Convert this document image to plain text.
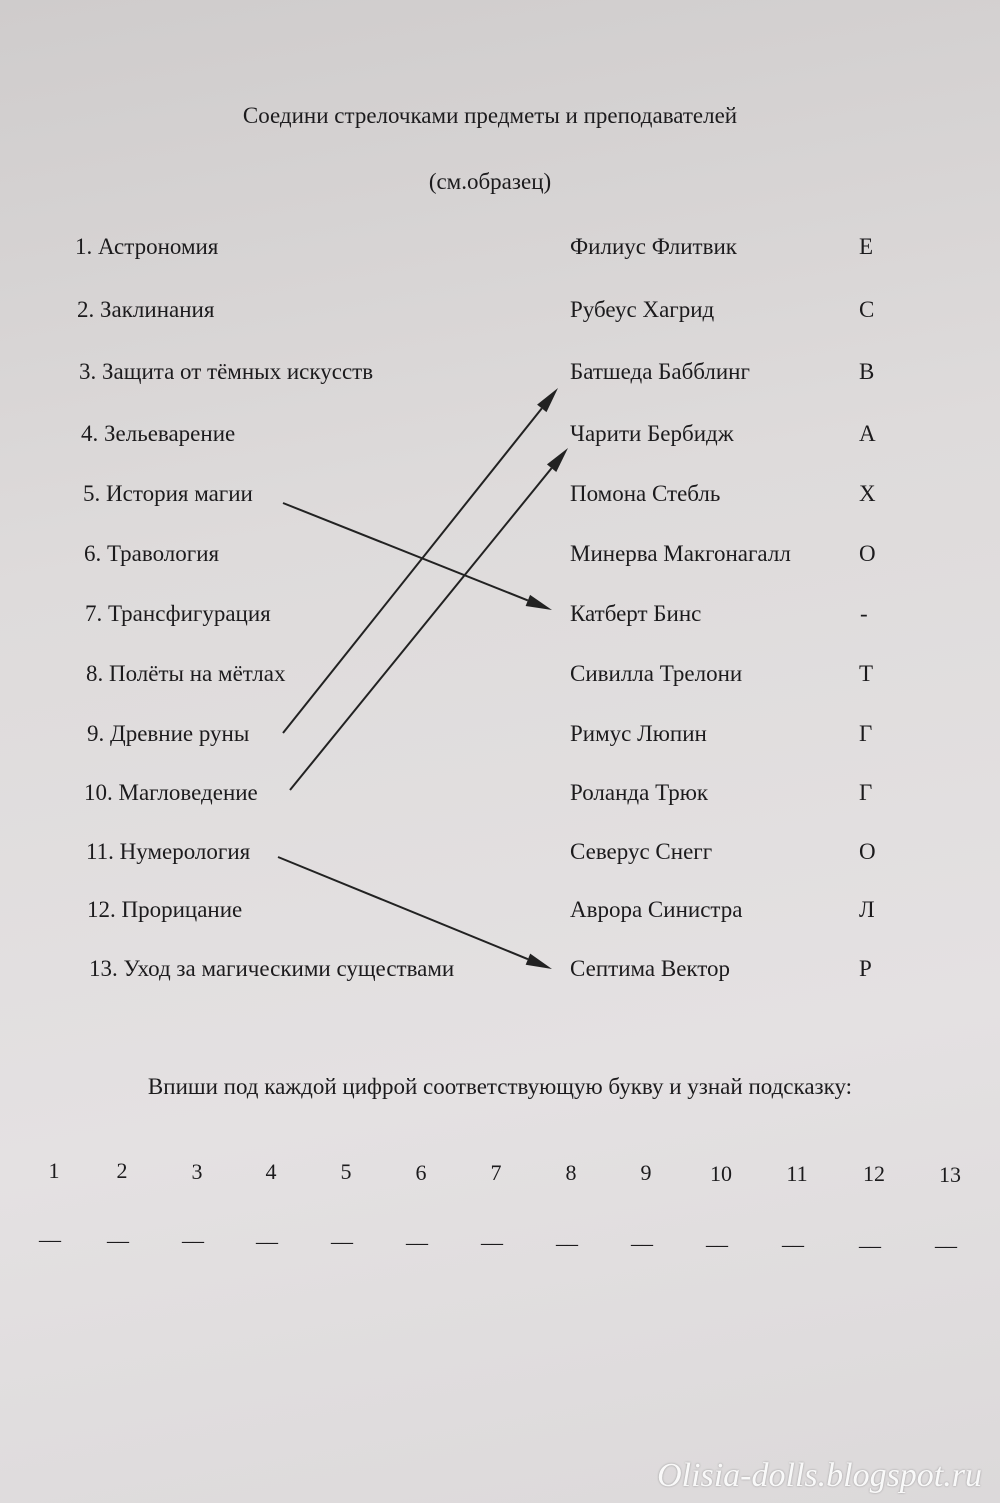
Соедини стрелочками предметы и преподавателей
(см.образец)
1. Астрономия	Филиус Флитвик	Е
2. Заклинания	Рубеус Хагрид	С
3. Защита от тёмных искусств	Батшеда Бабблинг	В
4. Зельеварение	Чарити Бербидж	А
5. История магии	Помона Стебль	Х
6. Травология	Минерва Макгонагалл	О
7. Трансфигурация	Катберт Бинс	-
8. Полёты на мётлах	Сивилла Трелони	Т
9. Древние руны	Римус Люпин	Г
10. Магловедение	Роланда Трюк	Г
11. Нумерология	Северус Снегг	О
12. Прорицание	Аврора Синистра	Л
13. Уход за магическими существами	Септима Вектор	Р
Впиши под каждой цифрой соответствующую букву и узнай подсказку:
1
__
2
__
3
__
4
__
5
__
6
__
7
__
8
__
9
__
10
__
11
__
12
__
13
__
Olisia-dolls.blogspot.ru
